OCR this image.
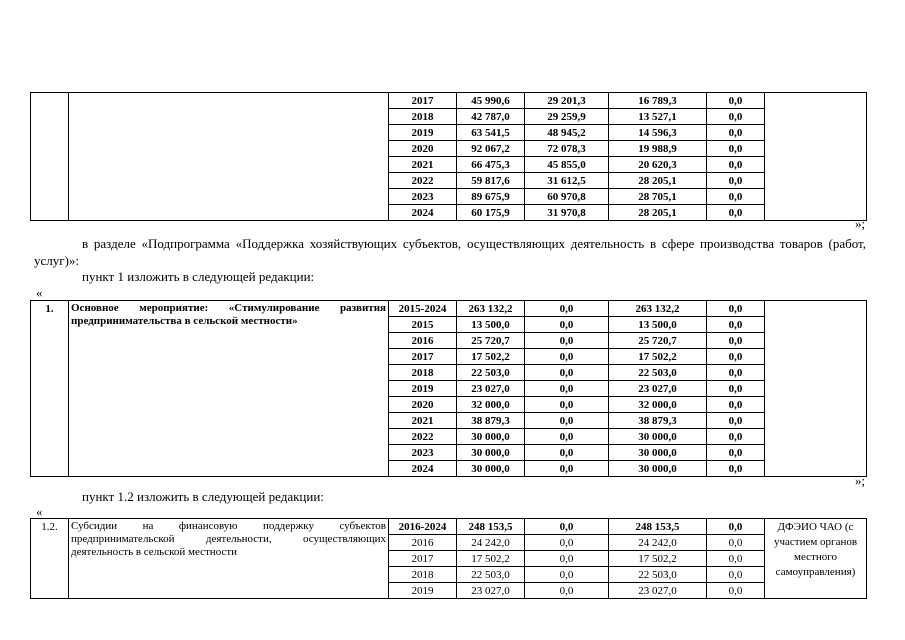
		2017	45 990,6	29 201,3	16 789,3	0,0	
		2018	42 787,0	29 259,9	13 527,1	0,0	
		2019	63 541,5	48 945,2	14 596,3	0,0	
		2020	92 067,2	72 078,3	19 988,9	0,0	
		2021	66 475,3	45 855,0	20 620,3	0,0	
		2022	59 817,6	31 612,5	28 205,1	0,0	
		2023	89 675,9	60 970,8	28 705,1	0,0	
		2024	60 175,9	31 970,8	28 205,1	0,0	
»;
в разделе «Подпрограмма «Поддержка хозяйствующих субъектов, осуществляющих деятельность в сфере производства товаров (работ, услуг)»:
пункт 1 изложить в следующей редакции:
«
1.	Основное мероприятие: «Стимулирование развития предпринимательства в сельской местности»	2015-2024	263 132,2	0,0	263 132,2	0,0	
		2015	13 500,0	0,0	13 500,0	0,0	
		2016	25 720,7	0,0	25 720,7	0,0	
		2017	17 502,2	0,0	17 502,2	0,0	
		2018	22 503,0	0,0	22 503,0	0,0	
		2019	23 027,0	0,0	23 027,0	0,0	
		2020	32 000,0	0,0	32 000,0	0,0	
		2021	38 879,3	0,0	38 879,3	0,0	
		2022	30 000,0	0,0	30 000,0	0,0	
		2023	30 000,0	0,0	30 000,0	0,0	
		2024	30 000,0	0,0	30 000,0	0,0	
»;
пункт 1.2 изложить в следующей редакции:
«
1.2.	Субсидии на финансовую поддержку субъектов предпринимательской деятельности, осуществляющих деятельность в сельской местности	2016-2024	248 153,5	0,0	248 153,5	0,0	ДФЭИО ЧАО (с участием органов местного самоуправления)
		2016	24 242,0	0,0	24 242,0	0,0	
		2017	17 502,2	0,0	17 502,2	0,0	
		2018	22 503,0	0,0	22 503,0	0,0	
		2019	23 027,0	0,0	23 027,0	0,0	
